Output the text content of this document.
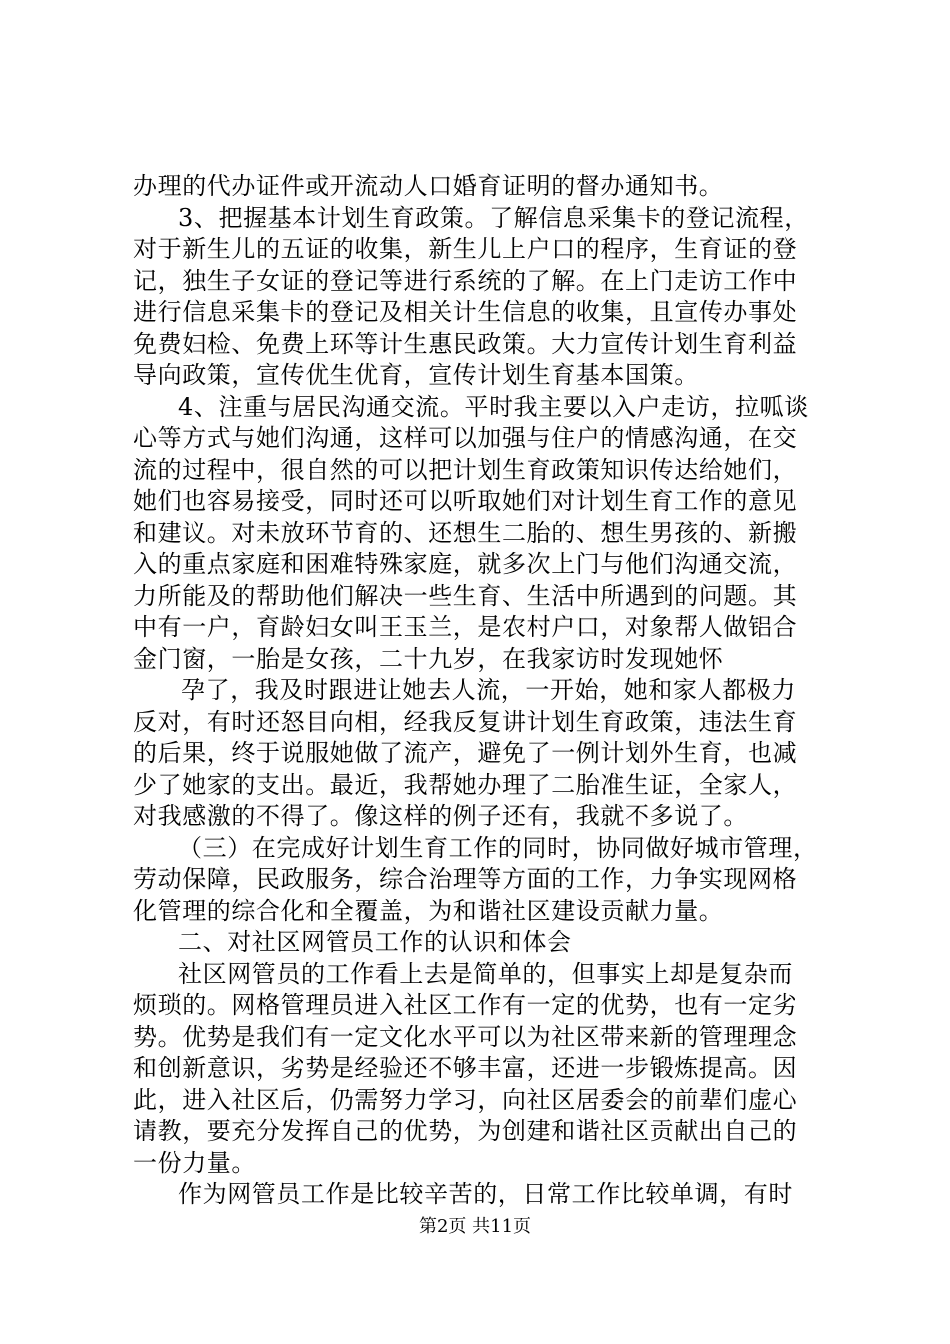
办理的代办证件或开流动人口婚育证明的督办通知书。
3、把握基本计划生育政策。了解信息采集卡的登记流程，
对于新生儿的五证的收集，新生儿上户口的程序，生育证的登
记，独生子女证的登记等进行系统的了解。在上门走访工作中
进行信息采集卡的登记及相关计生信息的收集，且宣传办事处
免费妇检、免费上环等计生惠民政策。大力宣传计划生育利益
导向政策，宣传优生优育，宣传计划生育基本国策。
4、注重与居民沟通交流。平时我主要以入户走访，拉呱谈
心等方式与她们沟通，这样可以加强与住户的情感沟通，在交
流的过程中，很自然的可以把计划生育政策知识传达给她们，
她们也容易接受，同时还可以听取她们对计划生育工作的意见
和建议。对未放环节育的、还想生二胎的、想生男孩的、新搬
入的重点家庭和困难特殊家庭，就多次上门与他们沟通交流，
力所能及的帮助他们解决一些生育、生活中所遇到的问题。其
中有一户，育龄妇女叫王玉兰，是农村户口，对象帮人做铝合
金门窗，一胎是女孩，二十九岁，在我家访时发现她怀
孕了，我及时跟进让她去人流，一开始，她和家人都极力
反对，有时还怒目向相，经我反复讲计划生育政策，违法生育
的后果，终于说服她做了流产，避免了一例计划外生育，也减
少了她家的支出。最近，我帮她办理了二胎准生证，全家人，
对我感激的不得了。像这样的例子还有，我就不多说了。
（三）在完成好计划生育工作的同时，协同做好城市管理，
劳动保障，民政服务，综合治理等方面的工作，力争实现网格
化管理的综合化和全覆盖，为和谐社区建设贡献力量。
二、对社区网管员工作的认识和体会
社区网管员的工作看上去是简单的，但事实上却是复杂而
烦琐的。网格管理员进入社区工作有一定的优势，也有一定劣
势。优势是我们有一定文化水平可以为社区带来新的管理理念
和创新意识，劣势是经验还不够丰富，还进一步锻炼提高。因
此，进入社区后，仍需努力学习，向社区居委会的前辈们虚心
请教，要充分发挥自己的优势，为创建和谐社区贡献出自己的
一份力量。
作为网管员工作是比较辛苦的，日常工作比较单调，有时
第2页 共11页
